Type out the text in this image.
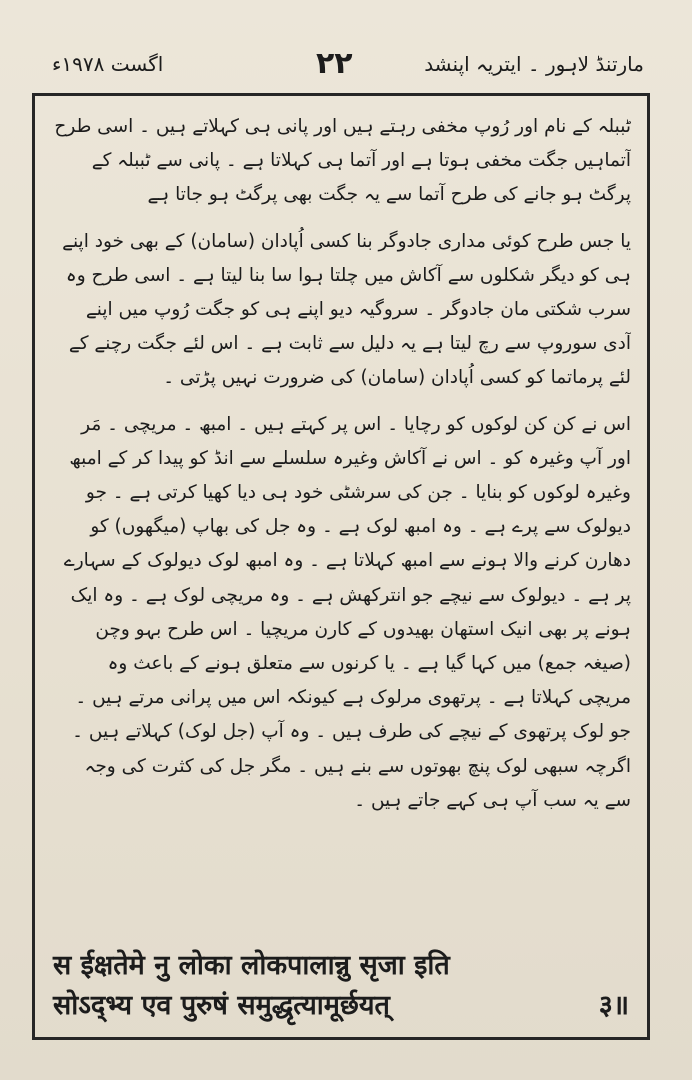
مارتنڈ لاہور ۔ ایتریہ اپنشد
۲۲
اگست ۱۹۷۸ء

ٹببلہ کے نام اور رُوپ مخفی رہتے ہیں اور پانی ہی کہلاتے ہیں ۔ اسی طرح آتماہیں جگت مخفی ہوتا ہے اور آتما ہی کہلاتا ہے ۔ پانی سے ٹببلہ کے پرگٹ ہو جانے کی طرح آتما سے یہ جگت بھی پرگٹ ہو جاتا ہے

یا جس طرح کوئی مداری جادوگر بنا کسی اُپادان (سامان) کے بھی خود اپنے ہی کو دیگر شکلوں سے آکاش میں چلتا ہوا سا بنا لیتا ہے ۔ اسی طرح وہ سرب شکتی مان جادوگر ۔ سروگیہ دیو اپنے ہی کو جگت رُوپ میں اپنے آدی سوروپ سے رچ لیتا ہے یہ دلیل سے ثابت ہے ۔ اس لئے جگت رچنے کے لئے پرماتما کو کسی اُپادان (سامان) کی ضرورت نہیں پڑتی ۔

اس نے کن کن لوکوں کو رچایا ۔ اس پر کہتے ہیں ۔ امبھ ۔ مریچی ۔ مَر اور آپ وغیرہ کو ۔ اس نے آکاش وغیرہ سلسلے سے انڈ کو پیدا کر کے امبھ وغیرہ لوکوں کو بنایا ۔ جن کی سرشٹی خود ہی دیا کھیا کرتی ہے ۔ جو دیولوک سے پرے ہے ۔ وہ امبھ لوک ہے ۔ وہ جل کی بھاپ (میگھوں) کو دھارن کرنے والا ہونے سے امبھ کہلاتا ہے ۔ وہ امبھ لوک دیولوک کے سہارے پر ہے ۔ دیولوک سے نیچے جو انترکھش ہے ۔ وہ مریچی لوک ہے ۔ وہ ایک ہونے پر بھی انیک استھان بھیدوں کے کارن مریچیا ۔ اس طرح بہو وچن (صیغہ جمع) میں کہا گیا ہے ۔ یا کرنوں سے متعلق ہونے کے باعث وہ مریچی کہلاتا ہے ۔ پرتھوی مرلوک ہے کیونکہ اس میں پرانی مرتے ہیں ۔ جو لوک پرتھوی کے نیچے کی طرف ہیں ۔ وہ آپ (جل لوک) کہلاتے ہیں ۔ اگرچہ سبھی لوک پنچ بھوتوں سے بنے ہیں ۔ مگر جل کی کثرت کی وجہ سے یہ سب آپ ہی کہے جاتے ہیں ۔

स ईक्षतेमे नु लोका लोकपालान्नु सृजा इति
सोऽद्भ्य एव पुरुषं समुद्धृत्यामूर्छयत्	३॥
